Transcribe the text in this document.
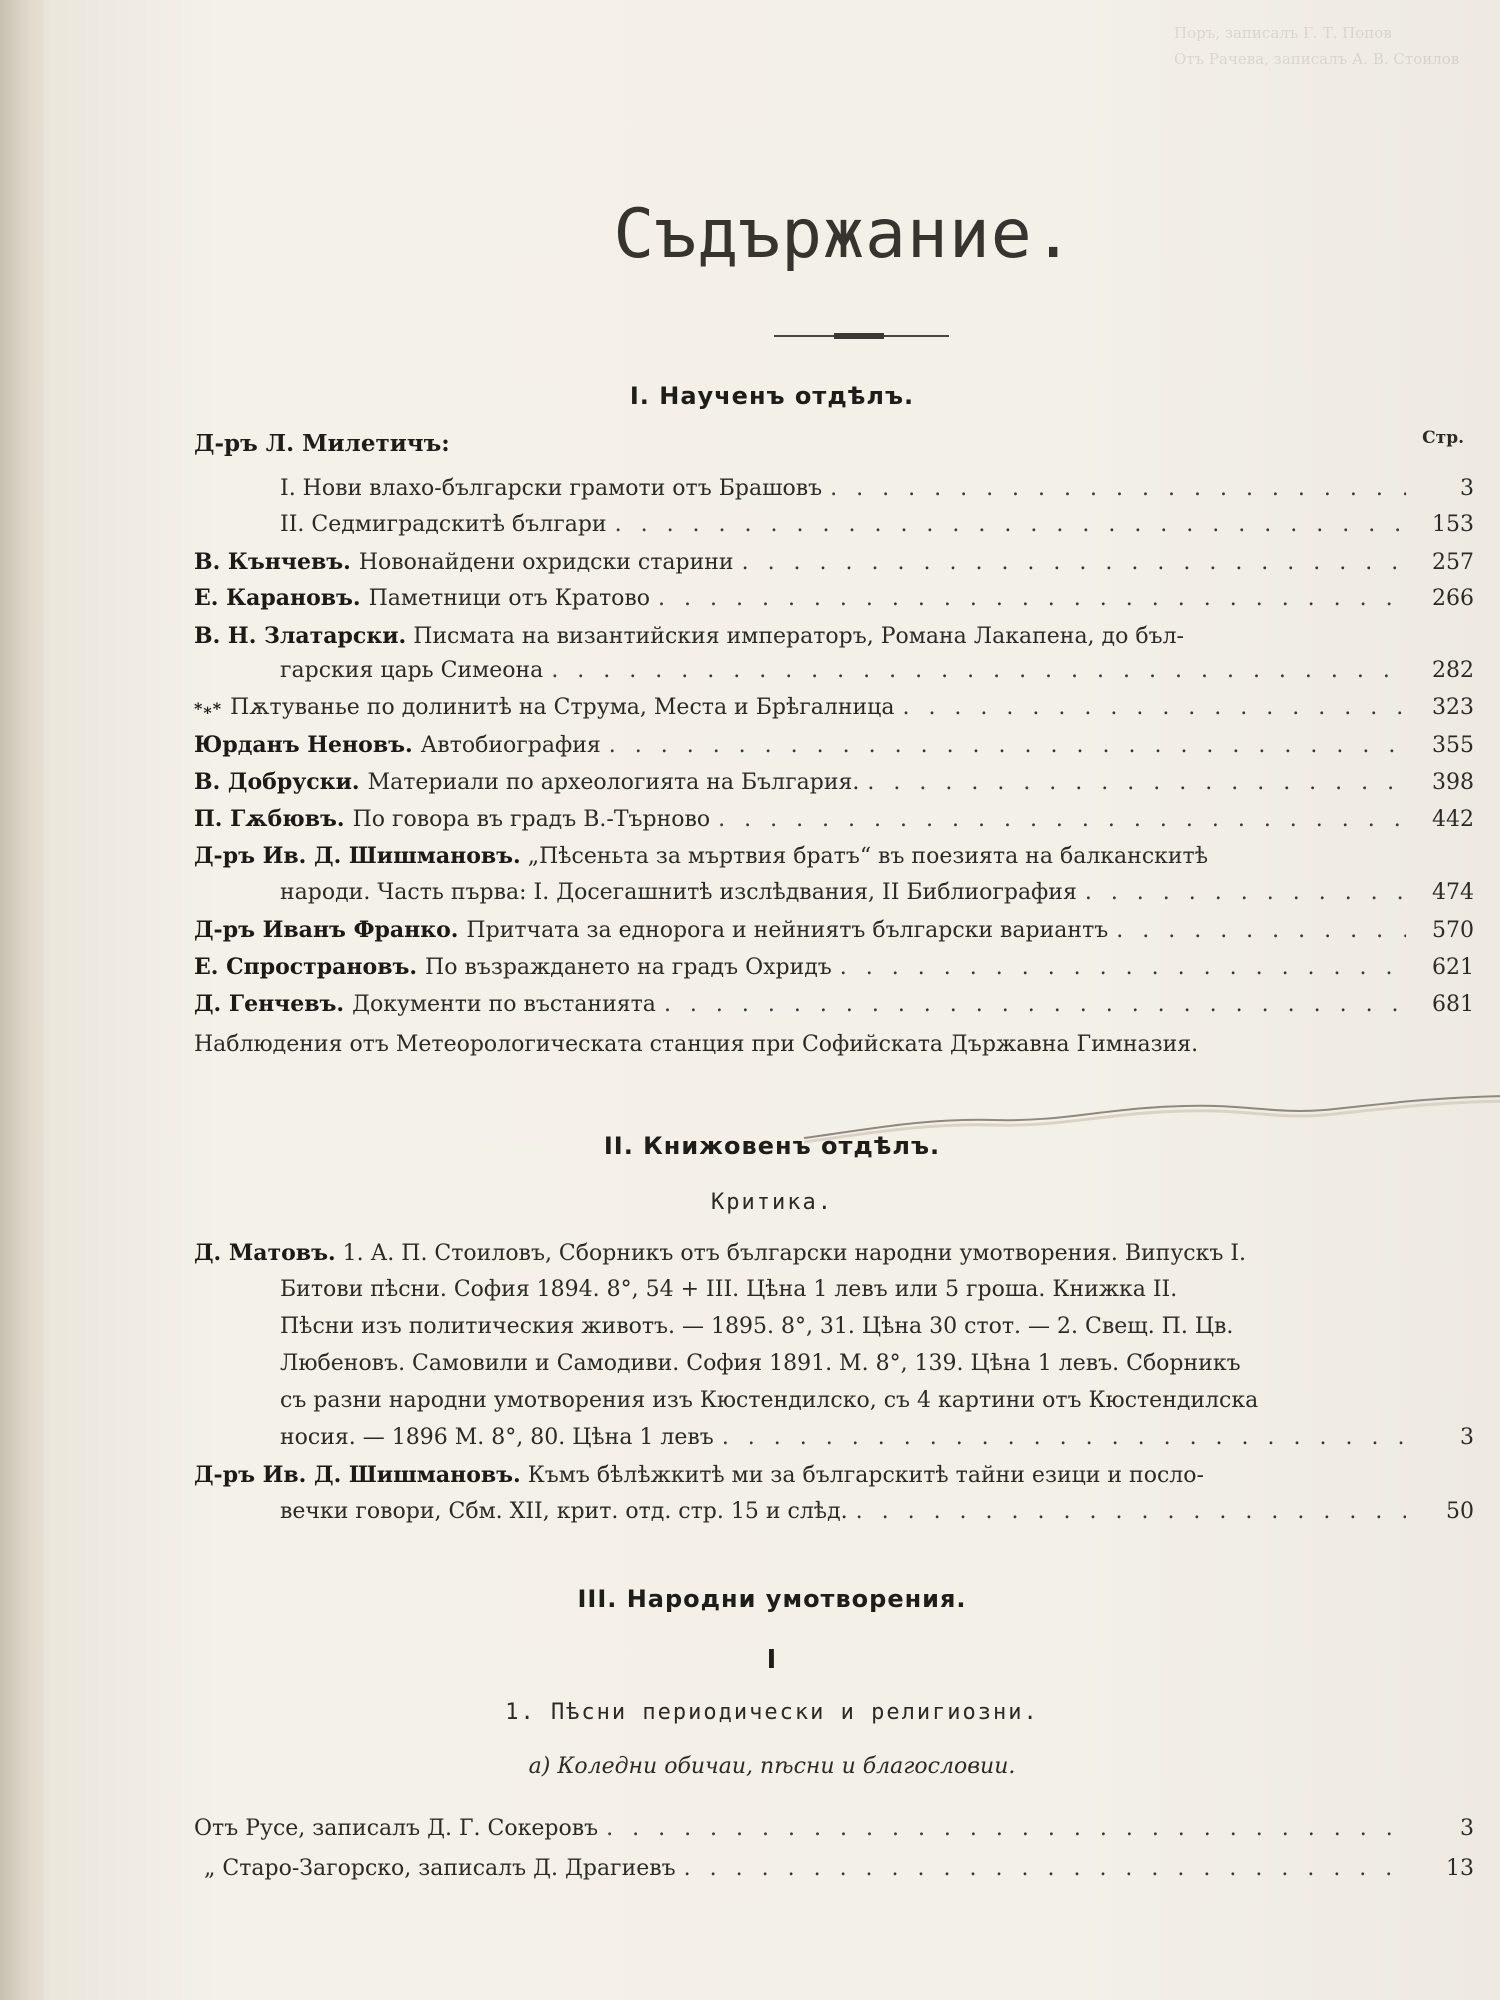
Поръ, записалъ Г. Т. Попов
Отъ Рачева, записалъ А. В. Стоилов
Съдържание.
I. Наученъ отдѣлъ.
Д-ръ Л. Милетичъ:	Стр.
I. Нови влахо-български грамоти отъ Брашовъ . . .	3
II. Седмиградскитѣ българи . . .	153
В. Кънчевъ. Новонайдени охридски старини . . .	257
Е. Карановъ. Паметници отъ Кратово . . .	266
В. Н. Златарски. Писмата на византийския императоръ, Романа Лакапена, до бъл-
гарския царь Симеона . . .	282
*⁎* Пѫтуванье по долинитѣ на Струма, Места и Брѣгалница . . .	323
Юрданъ Неновъ. Автобиография . . .	355
В. Добруски. Материали по археологията на България. . . .	398
П. Гѫбювъ. По говора въ градъ В.-Търново . . .	442
Д-ръ Ив. Д. Шишмановъ. „Пѣсеньта за мъртвия братъ“ въ поезията на балканскитѣ
народи. Часть първа: I. Досегашнитѣ изслѣдвания, II Библиография . . .	474
Д-ръ Иванъ Франко. Притчата за еднорога и нейниятъ български вариантъ . . .	570
Е. Спространовъ. По възраждането на градъ Охридъ . . .	621
Д. Генчевъ. Документи по въстанията . . .	681
Наблюдения отъ Метеорологическата станция при Софийската Държавна Гимназия.
II. Книжовенъ отдѣлъ.
Критика.
Д. Матовъ. 1. А. П. Стоиловъ, Сборникъ отъ български народни умотворения. Випускъ I.
Битови пѣсни. София 1894. 8°, 54 + III. Цѣна 1 левъ или 5 гроша. Книжка II.
Пѣсни изъ политическия животъ. — 1895. 8°, 31. Цѣна 30 стот. — 2. Свещ. П. Цв.
Любеновъ. Самовили и Самодиви. София 1891. М. 8°, 139. Цѣна 1 левъ. Сборникъ
съ разни народни умотворения изъ Кюстендилско, съ 4 картини отъ Кюстендилска
носия. — 1896 М. 8°, 80. Цѣна 1 левъ . . .	3
Д-ръ Ив. Д. Шишмановъ. Къмъ бѣлѣжкитѣ ми за българскитѣ тайни езици и посло-
вечки говори, Сбм. XII, крит. отд. стр. 15 и слѣд. . . .	50
III. Народни умотворения.
I
1. Пѣсни периодически и религиозни.
а) Коледни обичаи, пѣсни и благословии.
Отъ Русе, записалъ Д. Г. Сокеровъ . . .	3
„ Старо-Загорско, записалъ Д. Драгиевъ . . .	13
